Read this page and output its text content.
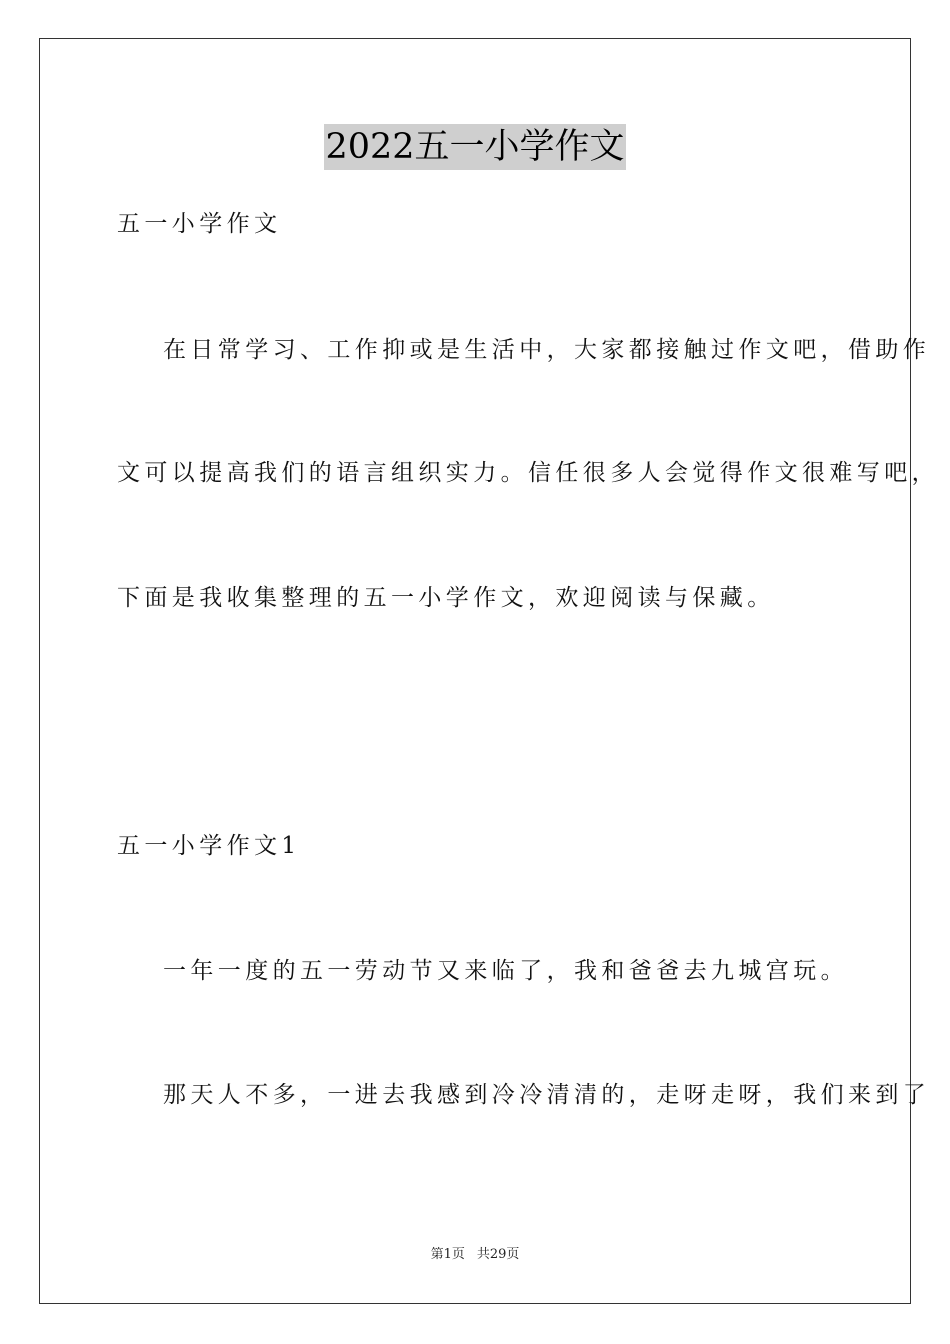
2022五一小学作文
五一小学作文
在日常学习、工作抑或是生活中，大家都接触过作文吧，借助作
文可以提高我们的语言组织实力。信任很多人会觉得作文很难写吧，
下面是我收集整理的五一小学作文，欢迎阅读与保藏。
五一小学作文1
一年一度的五一劳动节又来临了，我和爸爸去九城宫玩。
那天人不多，一进去我感到冷冷清清的，走呀走呀，我们来到了
第1页 共29页
